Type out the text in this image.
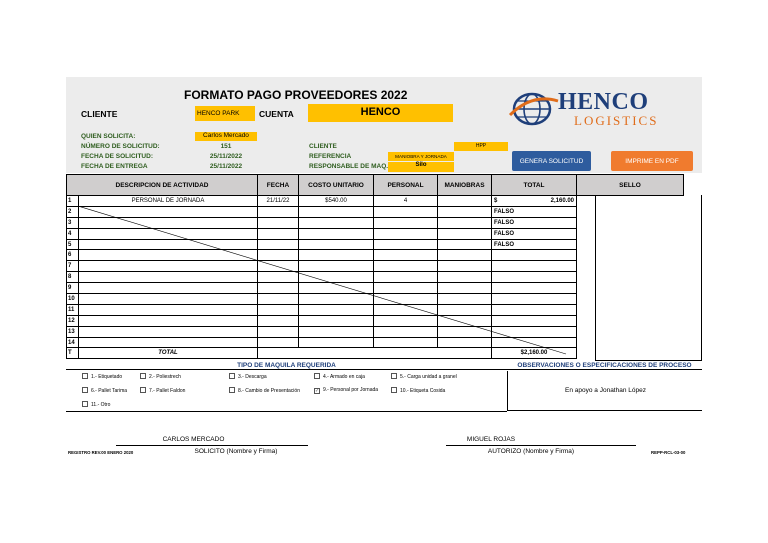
FORMATO PAGO PROVEEDORES 2022
CLIENTE	HENCO PARK	CUENTA	HENCO
QUIEN SOLICITA:	Carlos Mercado
NÚMERO DE SOLICITUD:	151
FECHA DE SOLICITUD:	25/11/2022
FECHA DE ENTREGA	25/11/2022
CLIENTE	HPP
REFERENCIA	MANIOBRA Y JORNADA
RESPONSABLE DE MAQ.	Silo
HENCO
LOGISTICS
GENERA SOLICITUD	IMPRIME EN PDF
DESCRIPCION DE ACTIVIDAD		FECHA	COSTO UNITARIO	PERSONAL	MANIOBRAS	TOTAL	SELLO
1	PERSONAL DE JORNADA	21/11/22	$540.00	4		$ 2,160.00	

2						FALSO	
3						FALSO	
4						FALSO	
5						FALSO	
6							
7							
8							
9							
10							
11							
12							
13							
14							
T	TOTAL					$2,160.00	
TIPO DE MAQUILA REQUERIDA	OBSERVACIONES O ESPECIFICACIONES DE PROCESO
En apoyo a Jonathan López
1.- Etiquetado	2.- Poliestrech	3.- Descarga	4.- Armado en caja	5.- Carga unidad a granel
6.- Pallet Tarima	7.- Pallet Faldon	8.- Cambio de Presentación	✓ 9.- Personal por Jornada	10.- Etiqueta Cosida
11.- Otro
CARLOS MERCADO
SOLICITO (Nombre y Firma)
MIGUEL ROJAS
AUTORIZO (Nombre y Firma)
REGISTRO REV.00 ENERO 2020	REPP-RCL-03-00
